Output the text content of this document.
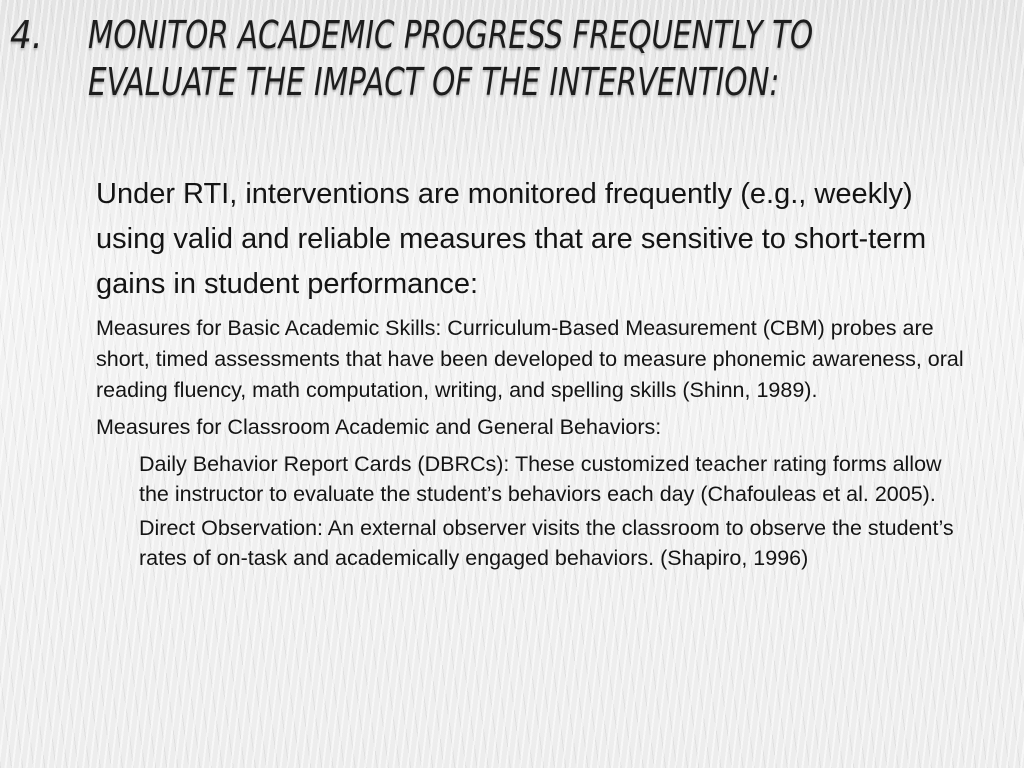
4.	MONITOR ACADEMIC PROGRESS FREQUENTLY TO EVALUATE THE IMPACT OF THE INTERVENTION:

Under RTI, interventions are monitored frequently (e.g., weekly) using valid and reliable measures that are sensitive to short-term gains in student performance:

›	Measures for Basic Academic Skills: Curriculum-Based Measurement (CBM) probes are short, timed assessments that have been developed to measure phonemic awareness, oral reading fluency, math computation, writing, and spelling skills (Shinn, 1989).
›	Measures for Classroom Academic and General Behaviors:
◦ Daily Behavior Report Cards (DBRCs): These customized teacher rating forms allow the instructor to evaluate the student’s behaviors each day (Chafouleas et al. 2005).
◦ Direct Observation: An external observer visits the classroom to observe the student’s rates of on-task and academically engaged behaviors. (Shapiro, 1996)
